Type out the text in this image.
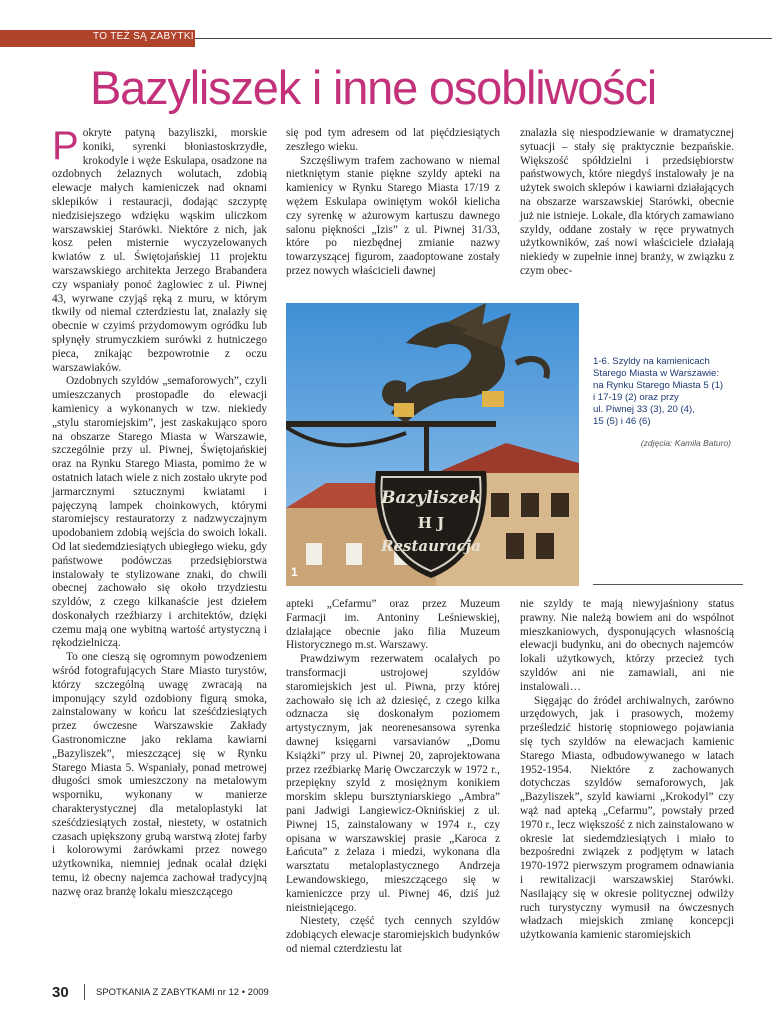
TO TEŻ SĄ ZABYTKI
Bazyliszek i inne osobliwości

Pokryte patyną bazyliszki, morskie koniki, syrenki błoniastoskrzydłe, krokodyle i węże Eskulapa, osadzone na ozdobnych żelaznych wolutach, zdobią elewacje małych kamieniczek nad oknami sklepików i restauracji, dodając szczyptę niedzisiejszego wdzięku wąskim uliczkom warszawskiej Starówki. Niektóre z nich, jak kosz pełen misternie wyczyzelowanych kwiatów z ul. Świętojańskiej 11 projektu warszawskiego architekta Jerzego Brabandera czy wspaniały ponoć żaglowiec z ul. Piwnej 43, wyrwane czyjąś ręką z muru, w którym tkwiły od niemal czterdziestu lat, znalazły się obecnie w czyimś przydomowym ogródku lub spłynęły strumyczkiem surówki z hutniczego pieca, znikając bezpowrotnie z oczu warszawiaków.

Ozdobnych szyldów „semaforowych”, czyli umieszczanych prostopadle do elewacji kamienicy a wykonanych w tzw. niekiedy „stylu staromiejskim”, jest zaskakująco sporo na obszarze Starego Miasta w Warszawie, szczególnie przy ul. Piwnej, Świętojańskiej oraz na Rynku Starego Miasta, pomimo że w ostatnich latach wiele z nich zostało ukryte pod jarmarcznymi sztucznymi kwiatami i pajęczyną lampek choinkowych, którymi staromiejscy restauratorzy z nadzwyczajnym upodobaniem zdobią wejścia do swoich lokali. Od lat siedemdziesiątych ubiegłego wieku, gdy państwowe podówczas przedsiębiorstwa instalowały te stylizowane znaki, do chwili obecnej zachowało się około trzydziestu szyldów, z czego kilkanaście jest dziełem doskonałych rzeźbiarzy i architektów, dzięki czemu mają one wybitną wartość artystyczną i rękodzielniczą.

To one cieszą się ogromnym powodzeniem wśród fotografujących Stare Miasto turystów, którzy szczególną uwagę zwracają na imponujący szyld ozdobiony figurą smoka, zainstalowany w końcu lat sześćdziesiątych przez ówczesne Warszawskie Zakłady Gastronomiczne jako reklama kawiarni „Bazyliszek”, mieszczącej się w Rynku Starego Miasta 5. Wspaniały, ponad metrowej długości smok umieszczony na metalowym wsporniku, wykonany w manierze charakterystycznej dla metaloplastyki lat sześćdziesiątych został, niestety, w ostatnich czasach upiększony grubą warstwą złotej farby i kolorowymi żarówkami przez nowego użytkownika, niemniej jednak ocalał dzięki temu, iż obecny najemca zachował tradycyjną nazwę oraz branżę lokalu mieszczącego

się pod tym adresem od lat pięćdziesiątych zeszłego wieku.

Szczęśliwym trafem zachowano w niemal nietkniętym stanie piękne szyldy apteki na kamienicy w Rynku Starego Miasta 17/19 z wężem Eskulapa owiniętym wokół kielicha czy syrenkę w ażurowym kartuszu dawnego salonu piękności „Izis” z ul. Piwnej 31/33, które po niezbędnej zmianie nazwy towarzyszącej figurom, zaadoptowane zostały przez nowych właścicieli dawnej

znalazła się niespodziewanie w dramatycznej sytuacji – stały się praktycznie bezpańskie. Większość spółdzielni i przedsiębiorstw państwowych, które niegdyś instalowały je na użytek swoich sklepów i kawiarni działających na obszarze warszawskiej Starówki, obecnie już nie istnieje. Lokale, dla których zamawiano szyldy, oddane zostały w ręce prywatnych użytkowników, zaś nowi właściciele działają niekiedy w zupełnie innej branży, w związku z czym obec-

Bazyliszek
H J
Restauracja
1
1-6. Szyldy na kamienicach
Starego Miasta w Warszawie:
na Rynku Starego Miasta 5 (1)
i 17-19 (2) oraz przy
ul. Piwnej 33 (3), 20 (4),
15 (5) i 46 (6)
(zdjęcia: Kamila Baturo)

apteki „Cefarmu” oraz przez Muzeum Farmacji im. Antoniny Leśniewskiej, działające obecnie jako filia Muzeum Historycznego m.st. Warszawy.

Prawdziwym rezerwatem ocalałych po transformacji ustrojowej szyldów staromiejskich jest ul. Piwna, przy której zachowało się ich aż dziesięć, z czego kilka odznacza się doskonałym poziomem artystycznym, jak neorenesansowa syrenka dawnej księgarni varsavianów „Domu Książki” przy ul. Piwnej 20, zaprojektowana przez rzeźbiarkę Marię Owczarczyk w 1972 r., przepiękny szyld z mosiężnym konikiem morskim sklepu bursztyniarskiego „Ambra” pani Jadwigi Langiewicz-Oknińskiej z ul. Piwnej 15, zainstalowany w 1974 r., czy opisana w warszawskiej prasie „Karoca z Łańcuta” z żelaza i miedzi, wykonana dla warsztatu metaloplastycznego Andrzeja Lewandowskiego, mieszczącego się w kamieniczce przy ul. Piwnej 46, dziś już nieistniejącego.

Niestety, część tych cennych szyldów zdobiących elewacje staromiejskich budynków od niemal czterdziestu lat

nie szyldy te mają niewyjaśniony status prawny. Nie należą bowiem ani do wspólnot mieszkaniowych, dysponujących własnością elewacji budynku, ani do obecnych najemców lokali użytkowych, którzy przecież tych szyldów ani nie zamawiali, ani nie instalowali…

Sięgając do źródeł archiwalnych, zarówno urzędowych, jak i prasowych, możemy prześledzić historię stopniowego pojawiania się tych szyldów na elewacjach kamienic Starego Miasta, odbudowywanego w latach 1952-1954. Niektóre z zachowanych dotychczas szyldów semaforowych, jak „Bazyliszek”, szyld kawiarni „Krokodyl” czy wąż nad apteką „Cefarmu”, powstały przed 1970 r., lecz większość z nich zainstalowano w okresie lat siedemdziesiątych i miało to bezpośredni związek z podjętym w latach 1970-1972 pierwszym programem odnawiania i rewitalizacji warszawskiej Starówki. Nasilający się w okresie politycznej odwilży ruch turystyczny wymusił na ówczesnych władzach miejskich zmianę koncepcji użytkowania kamienic staromiejskich

30	SPOTKANIA Z ZABYTKAMI nr 12 • 2009
